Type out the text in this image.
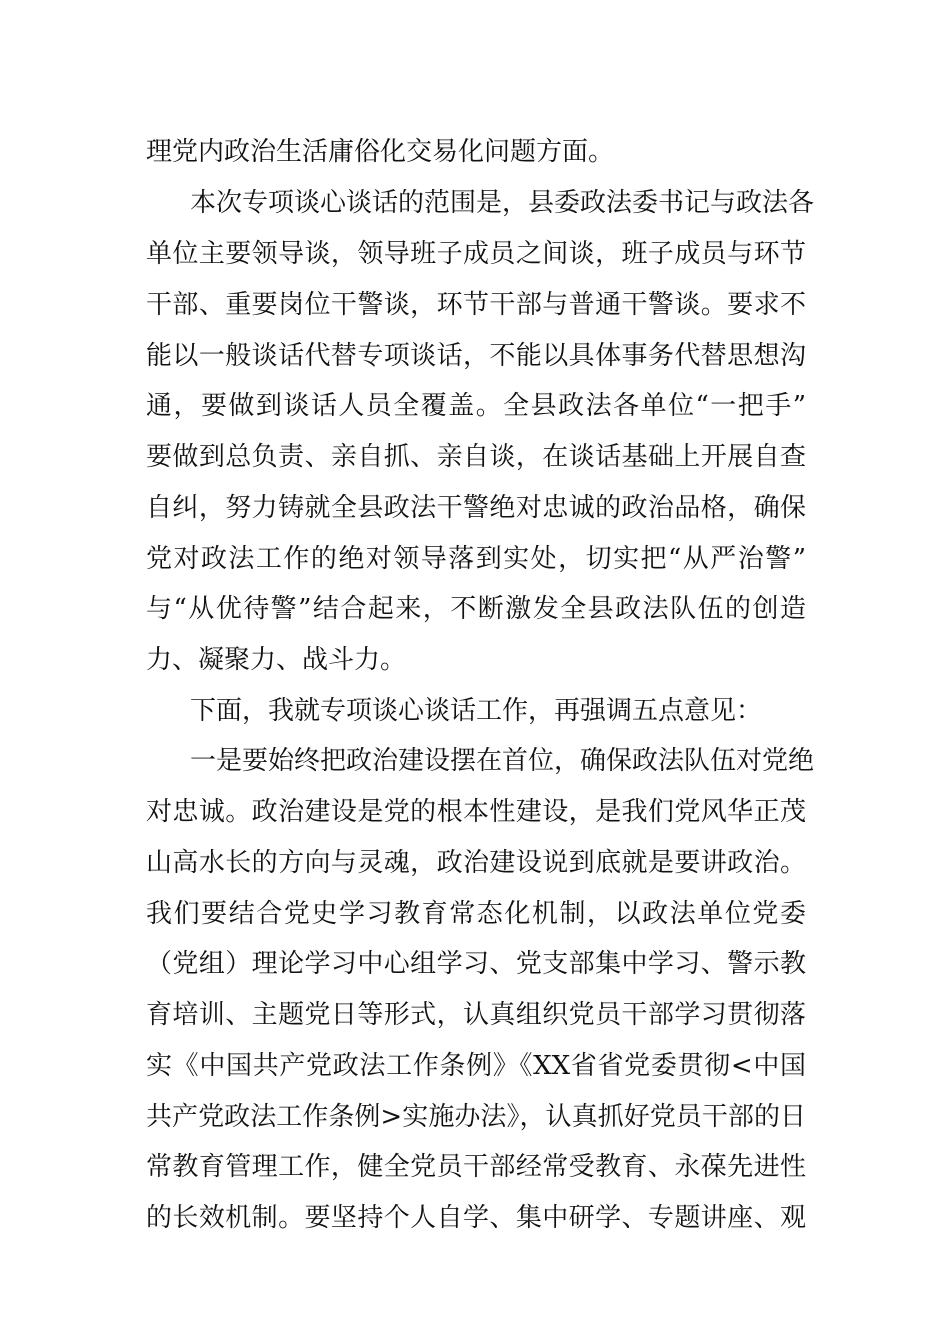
理党内政治生活庸俗化交易化问题方面。
本次专项谈心谈话的范围是，县委政法委书记与政法各
单位主要领导谈，领导班子成员之间谈，班子成员与环节
干部、重要岗位干警谈，环节干部与普通干警谈。要求不
能以一般谈话代替专项谈话，不能以具体事务代替思想沟
通，要做到谈话人员全覆盖。全县政法各单位“一把手”
要做到总负责、亲自抓、亲自谈，在谈话基础上开展自查
自纠，努力铸就全县政法干警绝对忠诚的政治品格，确保
党对政法工作的绝对领导落到实处，切实把“从严治警”
与“从优待警”结合起来，不断激发全县政法队伍的创造
力、凝聚力、战斗力。
下面，我就专项谈心谈话工作，再强调五点意见：
一是要始终把政治建设摆在首位，确保政法队伍对党绝
对忠诚。政治建设是党的根本性建设，是我们党风华正茂
山高水长的方向与灵魂，政治建设说到底就是要讲政治。
我们要结合党史学习教育常态化机制，以政法单位党委
（党组）理论学习中心组学习、党支部集中学习、警示教
育培训、主题党日等形式，认真组织党员干部学习贯彻落
实《中国共产党政法工作条例》《XX省省党委贯彻<中国
共产党政法工作条例>实施办法》，认真抓好党员干部的日
常教育管理工作，健全党员干部经常受教育、永葆先进性
的长效机制。要坚持个人自学、集中研学、专题讲座、观
